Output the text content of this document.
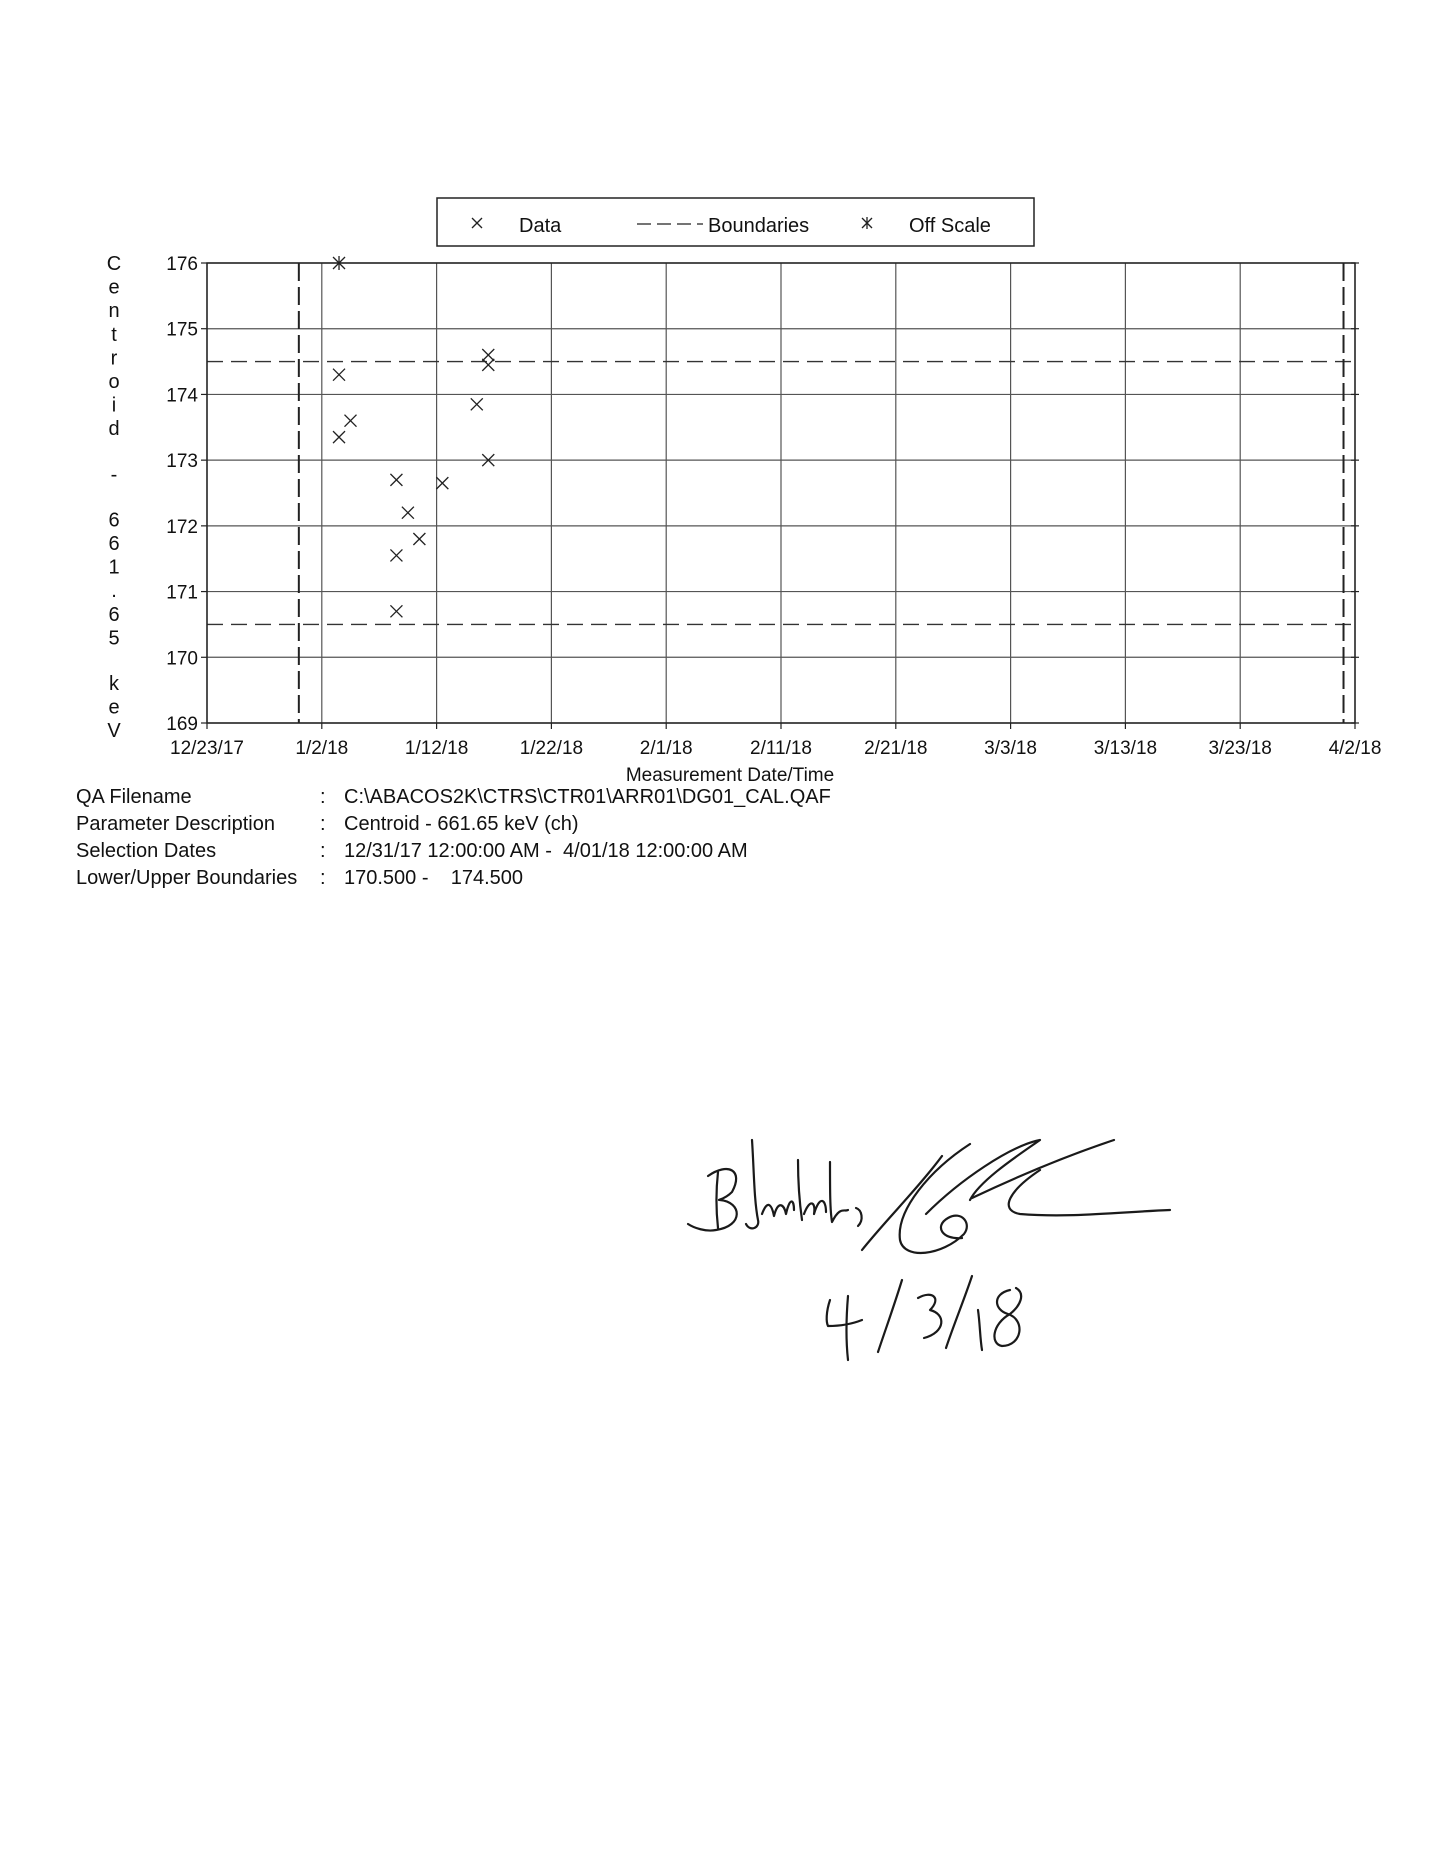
Data	Boundaries	Off Scale
C
e
n
t
r
o
i
d
-
6
6
1
.
6
5
k
e
V 169
170
171
172
173
174
175
176
12/23/17	1/2/18	1/12/18	1/22/18	2/1/18	2/11/18	2/21/18	3/3/18	3/13/18	3/23/18	4/2/18
Measurement Date/Time
QA Filename	: C:\ABACOS2K\CTRS\CTR01\ARR01\DG01_CAL.QAF
Parameter Description	: Centroid - 661.65 keV (ch)
Selection Dates	: 12/31/17 12:00:00 AM -  4/01/18 12:00:00 AM
Lower/Upper Boundaries	: 170.500 -    174.500
